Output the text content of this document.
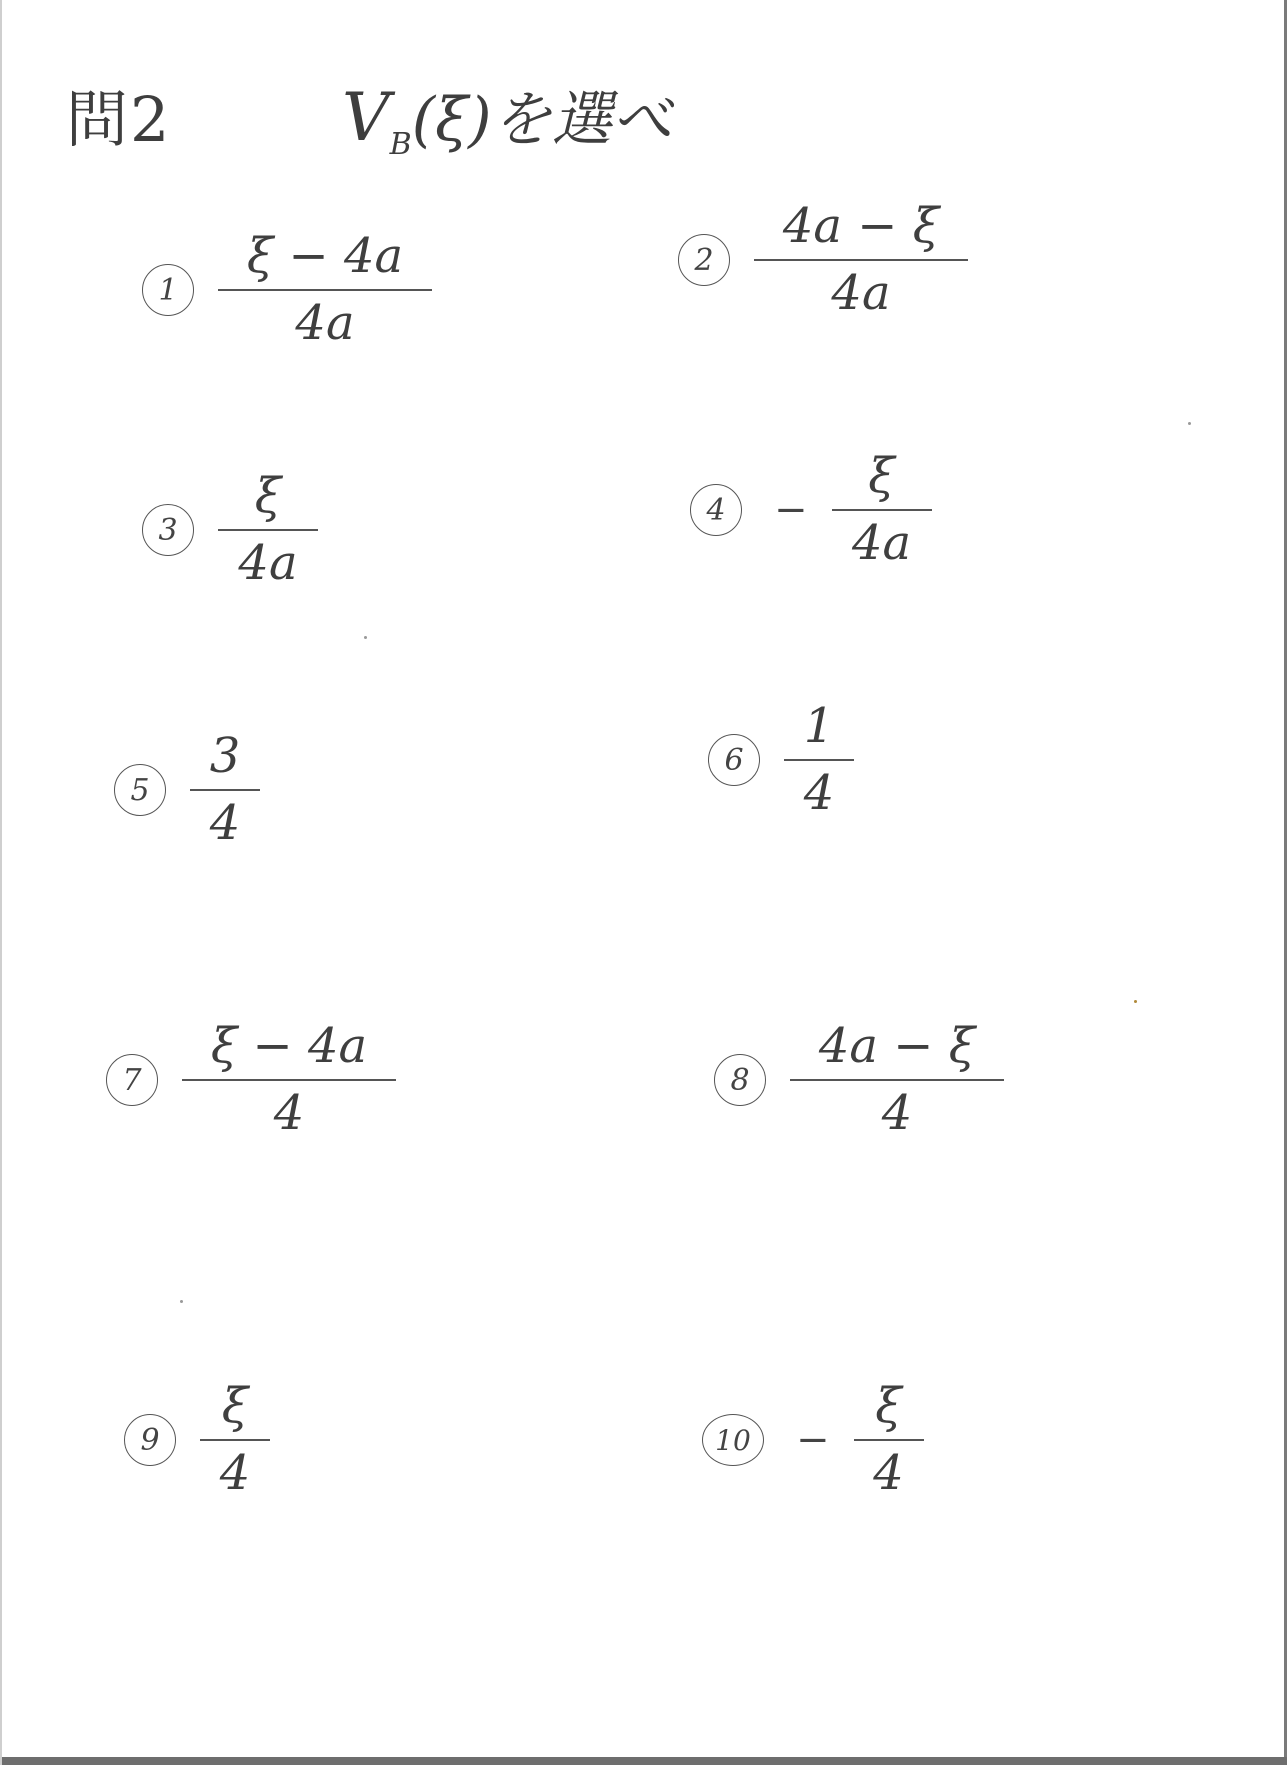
問2	$V_B(\xi)$を選べ
$1 \frac{\xi - 4a}{4a}$	$2 \frac{4a - \xi}{4a}$
$3 \frac{\xi}{4a}$	4	− $\frac{\xi}{4a}$
$5 \frac{3}{4}$	$6 \frac{1}{4}$
$7 \frac{\xi - 4a}{4}$	$8 \frac{4a - \xi}{4}$
$9 \frac{\xi}{4}$	10	− $\frac{\xi}{4}$
